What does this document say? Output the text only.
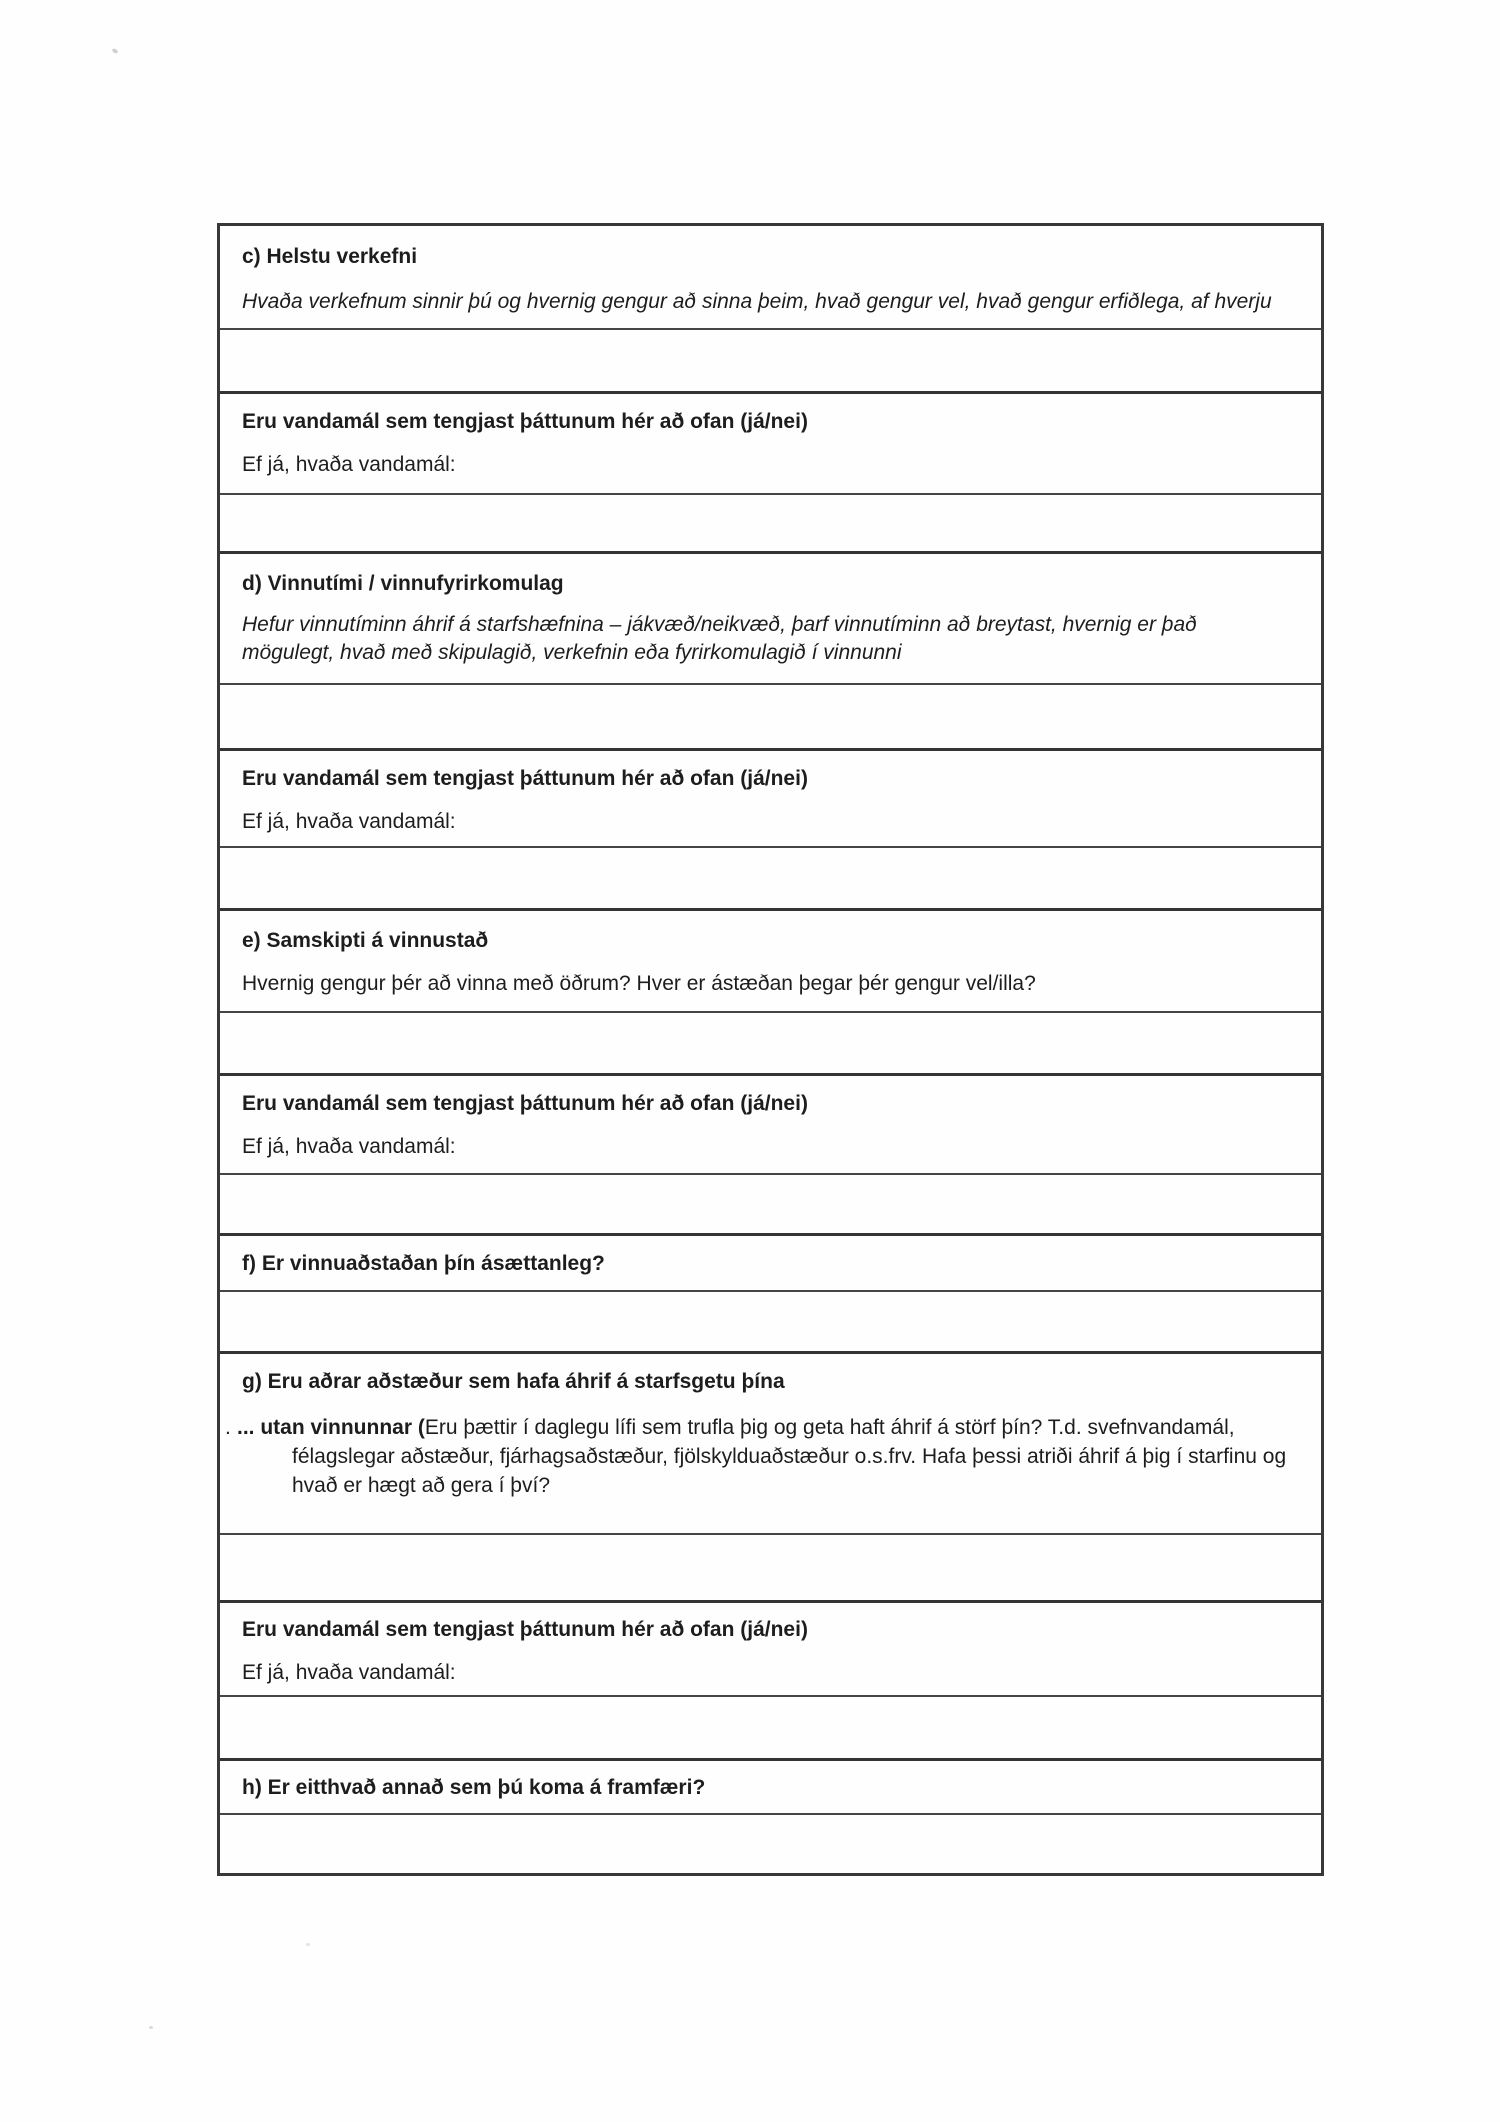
c) Helstu verkefni

Hvaða verkefnum sinnir þú og hvernig gengur að sinna þeim, hvað gengur vel, hvað gengur erfiðlega, af hverju

Eru vandamál sem tengjast þáttunum hér að ofan (já/nei)

Ef já, hvaða vandamál:

d) Vinnutími / vinnufyrirkomulag

Hefur vinnutíminn áhrif á starfshæfnina – jákvæð/neikvæð, þarf vinnutíminn að breytast, hvernig er það mögulegt, hvað með skipulagið, verkefnin eða fyrirkomulagið í vinnunni

Eru vandamál sem tengjast þáttunum hér að ofan (já/nei)

Ef já, hvaða vandamál:

e) Samskipti á vinnustað

Hvernig gengur þér að vinna með öðrum? Hver er ástæðan þegar þér gengur vel/illa?

Eru vandamál sem tengjast þáttunum hér að ofan (já/nei)

Ef já, hvaða vandamál:

f) Er vinnuaðstaðan þín ásættanleg?

g) Eru aðrar aðstæður sem hafa áhrif á starfsgetu þína

. ... utan vinnunnar (Eru þættir í daglegu lífi sem trufla þig og geta haft áhrif á störf þín? T.d. svefnvandamál, félagslegar aðstæður, fjárhagsaðstæður, fjölskylduaðstæður o.s.frv. Hafa þessi atriði áhrif á þig í starfinu og hvað er hægt að gera í því?

Eru vandamál sem tengjast þáttunum hér að ofan (já/nei)

Ef já, hvaða vandamál:

h) Er eitthvað annað sem þú koma á framfæri?
